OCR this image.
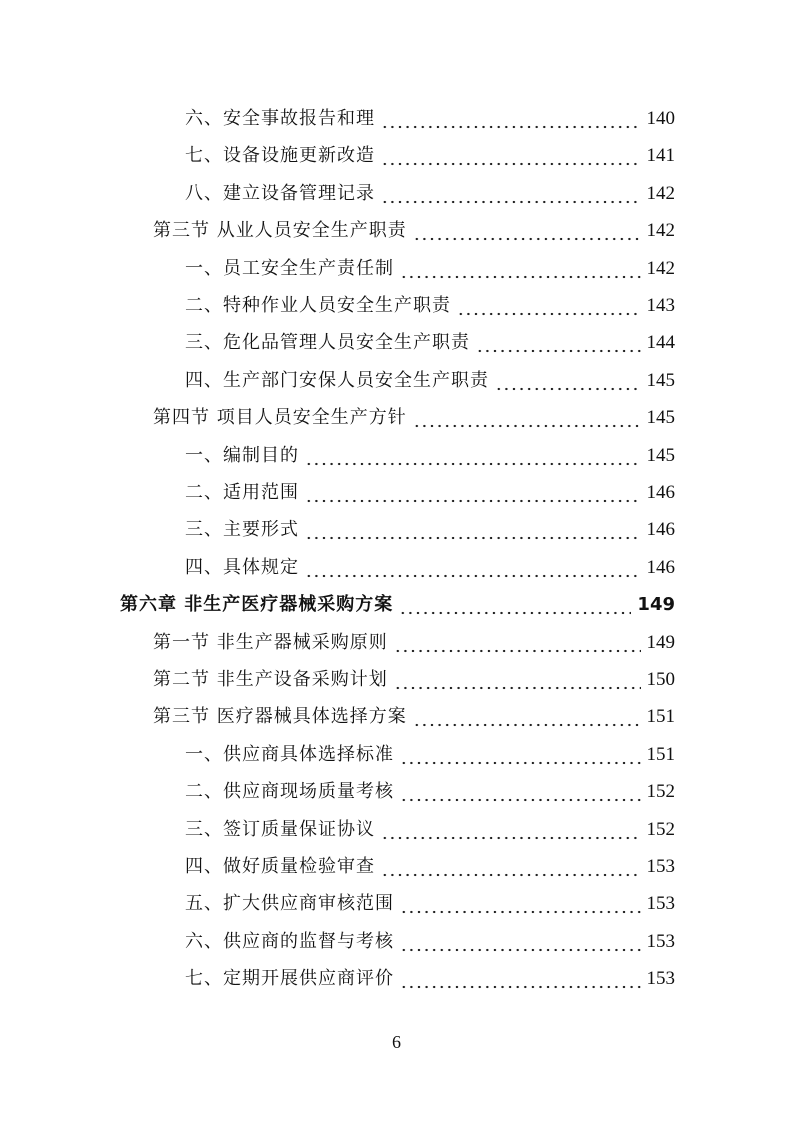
六、安全事故报告和理	140
七、设备设施更新改造	141
八、建立设备管理记录	142
第三节 从业人员安全生产职责	142
一、员工安全生产责任制	142
二、特种作业人员安全生产职责	143
三、危化品管理人员安全生产职责	144
四、生产部门安保人员安全生产职责	145
第四节 项目人员安全生产方针	145
一、编制目的	145
二、适用范围	146
三、主要形式	146
四、具体规定	146
第六章 非生产医疗器械采购方案	149
第一节 非生产器械采购原则	149
第二节 非生产设备采购计划	150
第三节 医疗器械具体选择方案	151
一、供应商具体选择标准	151
二、供应商现场质量考核	152
三、签订质量保证协议	152
四、做好质量检验审查	153
五、扩大供应商审核范围	153
六、供应商的监督与考核	153
七、定期开展供应商评价	153
6
